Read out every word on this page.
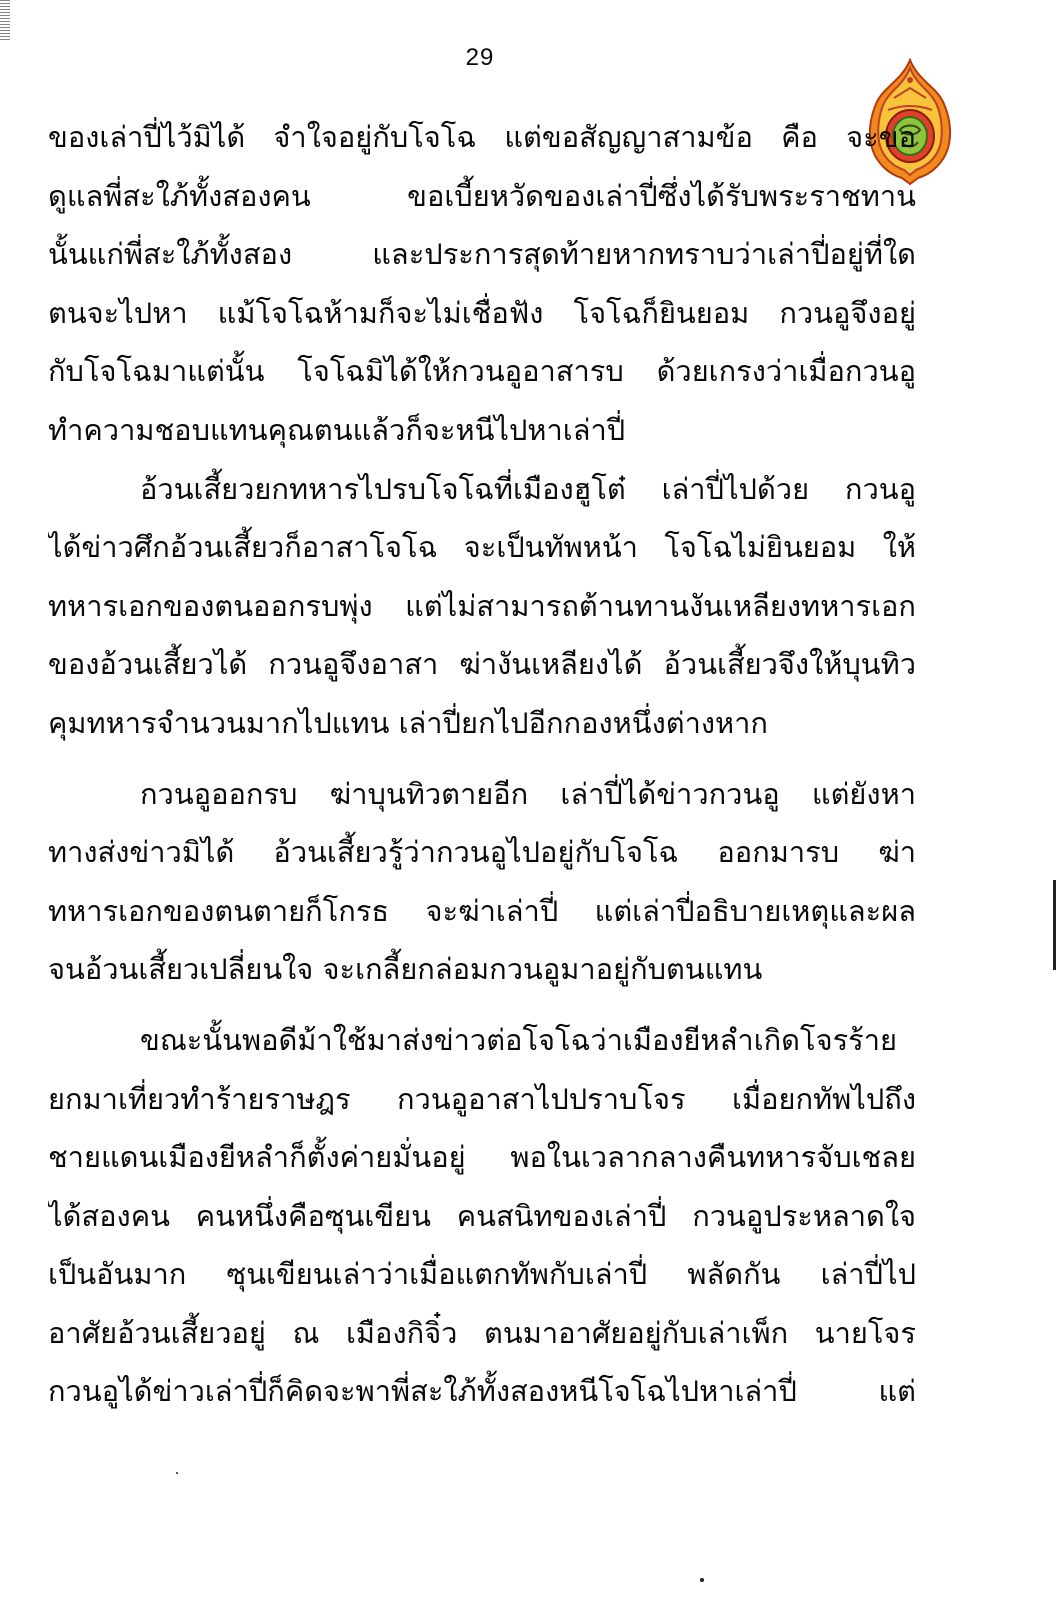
29
ของเล่าปี่ไว้มิได้ จำใจอยู่กับโจโฉ แต่ขอสัญญาสามข้อ คือ จะขอ
ดูแลพี่สะใภ้ทั้งสองคน ขอเบี้ยหวัดของเล่าปี่ซึ่งได้รับพระราชทาน
นั้นแก่พี่สะใภ้ทั้งสอง และประการสุดท้ายหากทราบว่าเล่าปี่อยู่ที่ใด
ตนจะไปหา แม้โจโฉห้ามก็จะไม่เชื่อฟัง โจโฉก็ยินยอม กวนอูจึงอยู่
กับโจโฉมาแต่นั้น โจโฉมิได้ให้กวนอูอาสารบ ด้วยเกรงว่าเมื่อกวนอู
ทำความชอบแทนคุณตนแล้วก็จะหนีไปหาเล่าปี่
อ้วนเสี้ยวยกทหารไปรบโจโฉที่เมืองฮูโต๋ เล่าปี่ไปด้วย กวนอู
ได้ข่าวศึกอ้วนเสี้ยวก็อาสาโจโฉ จะเป็นทัพหน้า โจโฉไม่ยินยอม ให้
ทหารเอกของตนออกรบพุ่ง แต่ไม่สามารถต้านทานงันเหลียงทหารเอก
ของอ้วนเสี้ยวได้ กวนอูจึงอาสา ฆ่างันเหลียงได้ อ้วนเสี้ยวจึงให้บุนทิว
คุมทหารจำนวนมากไปแทน เล่าปี่ยกไปอีกกองหนึ่งต่างหาก
กวนอูออกรบ ฆ่าบุนทิวตายอีก เล่าปี่ได้ข่าวกวนอู แต่ยังหา
ทางส่งข่าวมิได้ อ้วนเสี้ยวรู้ว่ากวนอูไปอยู่กับโจโฉ ออกมารบ ฆ่า
ทหารเอกของตนตายก็โกรธ จะฆ่าเล่าปี่ แต่เล่าปี่อธิบายเหตุและผล
จนอ้วนเสี้ยวเปลี่ยนใจ จะเกลี้ยกล่อมกวนอูมาอยู่กับตนแทน
ขณะนั้นพอดีม้าใช้มาส่งข่าวต่อโจโฉว่าเมืองยีหลำเกิดโจรร้าย
ยกมาเที่ยวทำร้ายราษฎร กวนอูอาสาไปปราบโจร เมื่อยกทัพไปถึง
ชายแดนเมืองยีหลำก็ตั้งค่ายมั่นอยู่ พอในเวลากลางคืนทหารจับเชลย
ได้สองคน คนหนึ่งคือซุนเขียน คนสนิทของเล่าปี่ กวนอูประหลาดใจ
เป็นอันมาก ซุนเขียนเล่าว่าเมื่อแตกทัพกับเล่าปี่ พลัดกัน เล่าปี่ไป
อาศัยอ้วนเสี้ยวอยู่ ณ เมืองกิจิ๋ว ตนมาอาศัยอยู่กับเล่าเพ็ก นายโจร
กวนอูได้ข่าวเล่าปี่ก็คิดจะพาพี่สะใภ้ทั้งสองหนีโจโฉไปหาเล่าปี่ แต่
